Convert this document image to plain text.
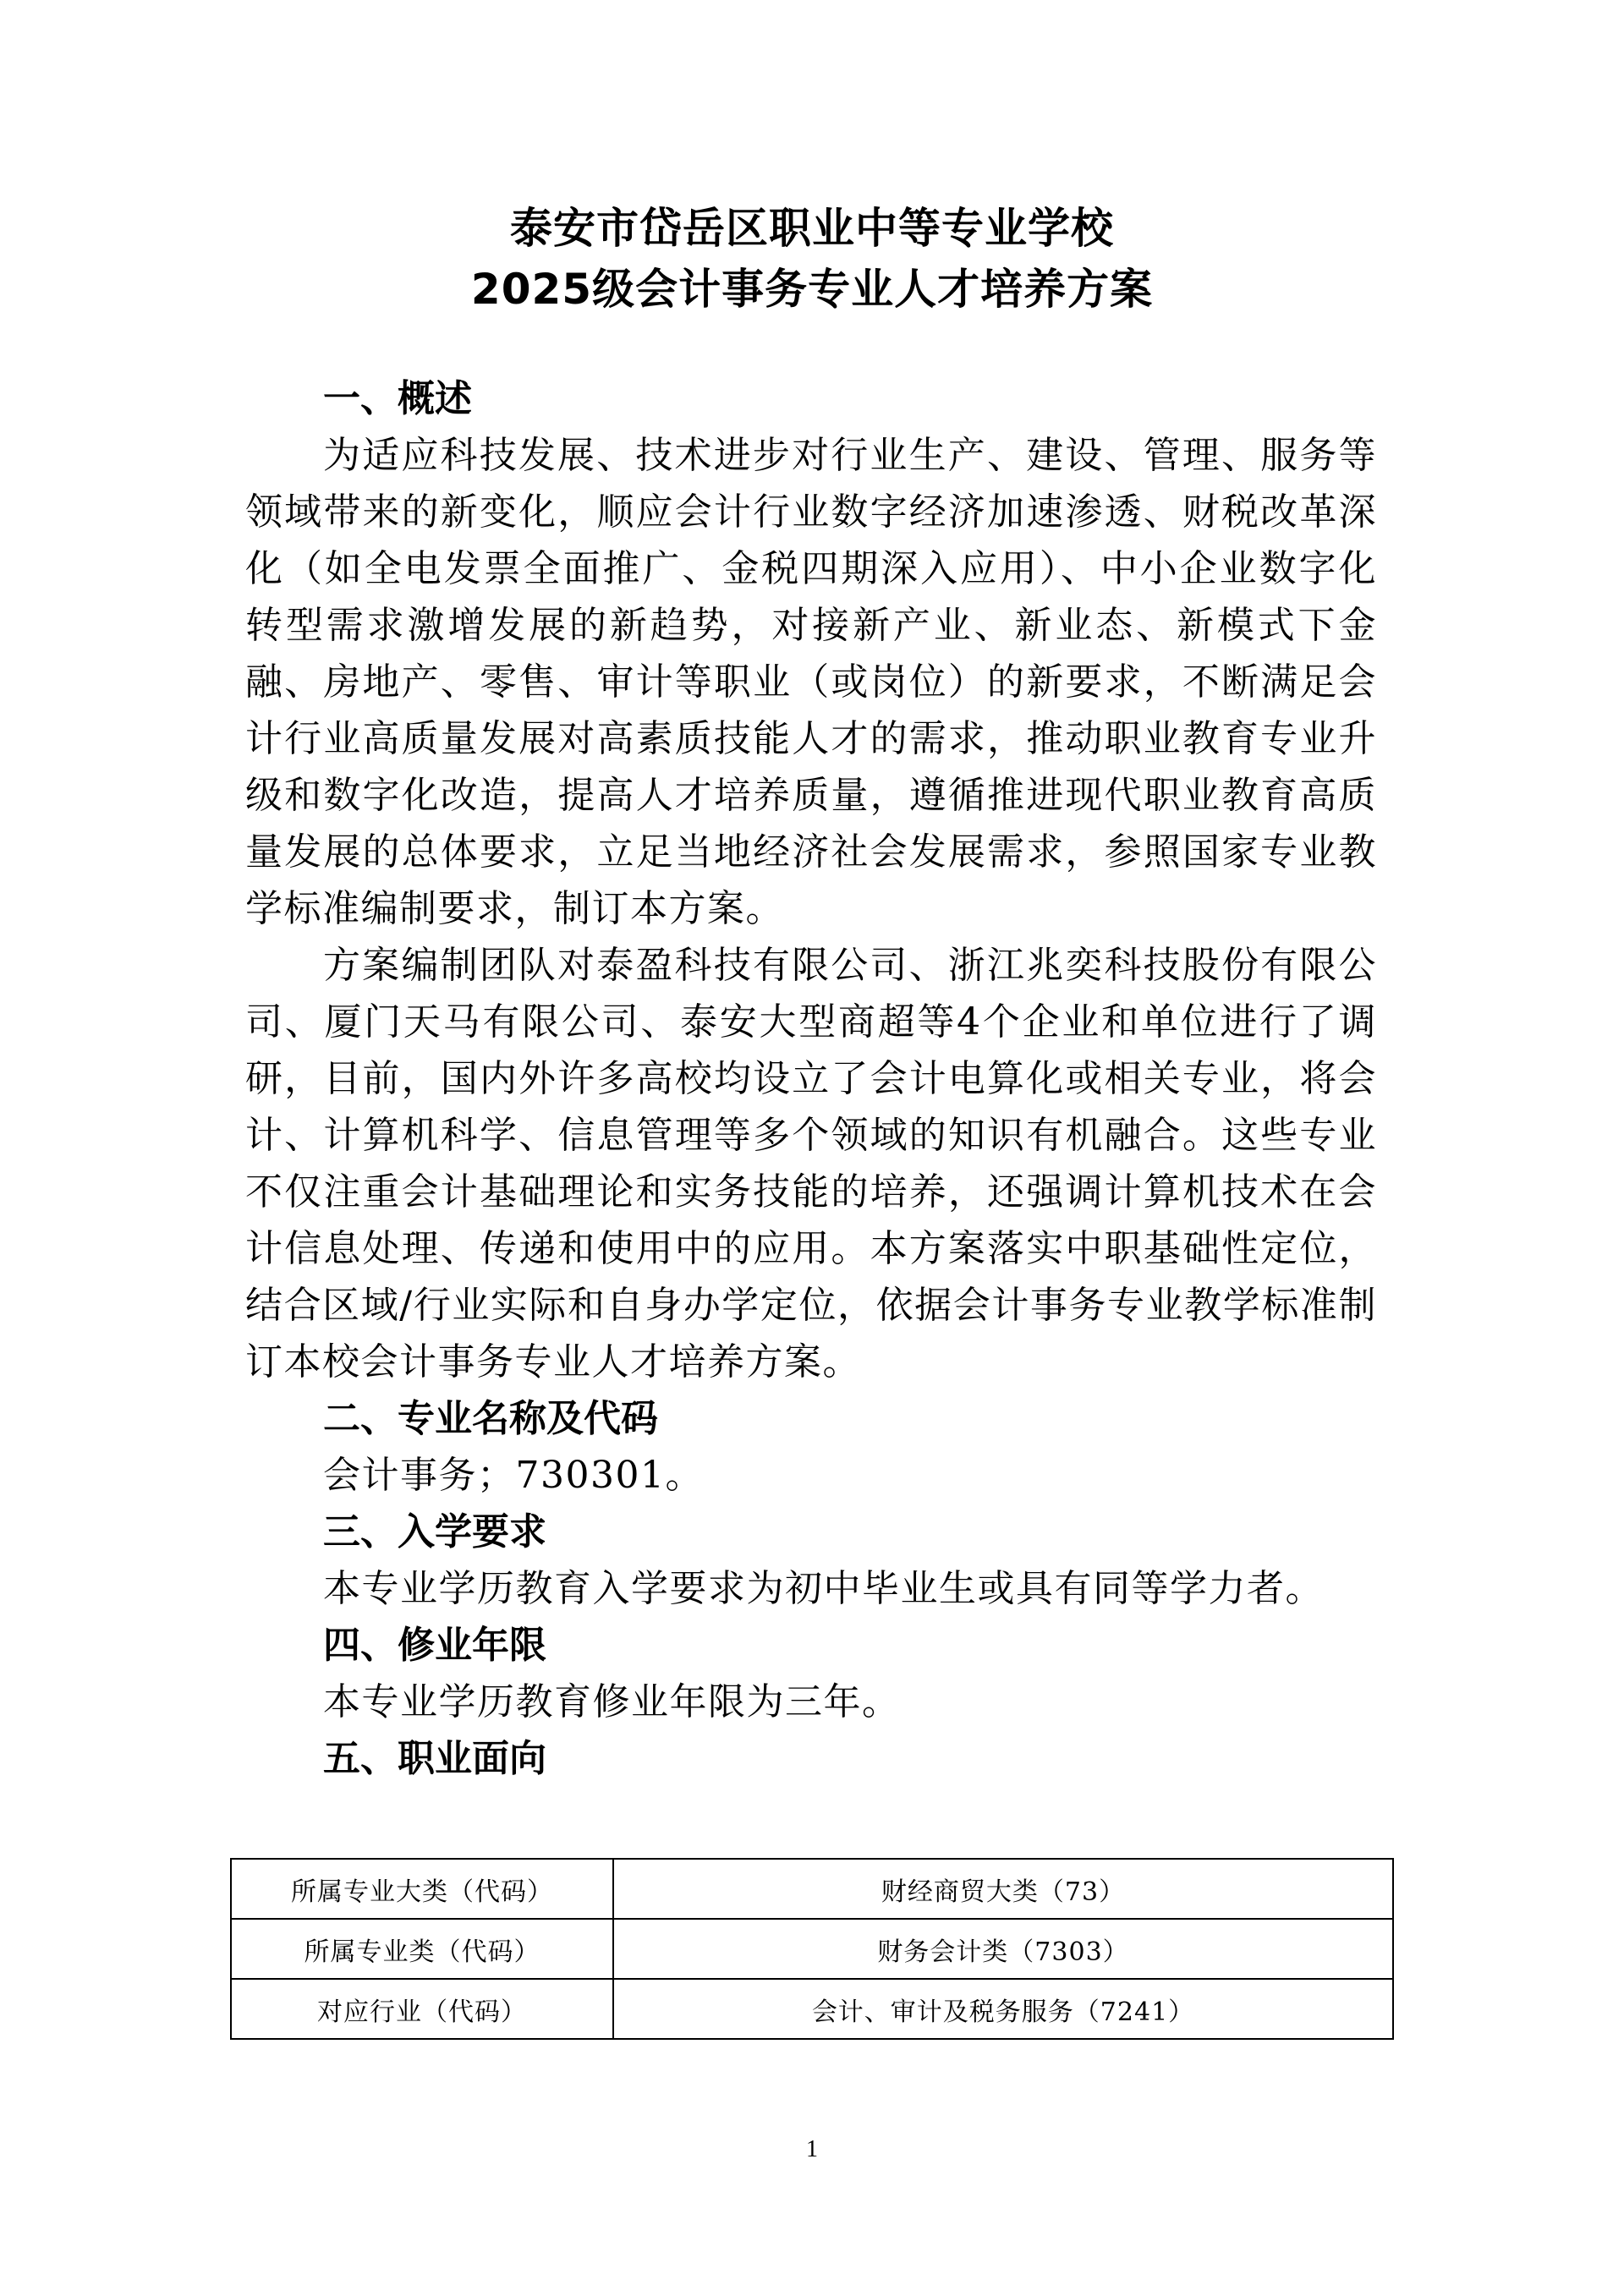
泰安市岱岳区职业中等专业学校
2025级会计事务专业人才培养方案
一、概述

为适应科技发展、技术进步对行业生产、建设、管理、服务等领域带来的新变化，顺应会计行业数字经济加速渗透、财税改革深化（如全电发票全面推广、金税四期深入应用）、中小企业数字化转型需求激增发展的新趋势，对接新产业、新业态、新模式下金融、房地产、零售、审计等职业（或岗位）的新要求，不断满足会计行业高质量发展对高素质技能人才的需求，推动职业教育专业升级和数字化改造，提高人才培养质量，遵循推进现代职业教育高质量发展的总体要求，立足当地经济社会发展需求，参照国家专业教学标准编制要求，制订本方案。

方案编制团队对泰盈科技有限公司、浙江兆奕科技股份有限公司、厦门天马有限公司、泰安大型商超等4个企业和单位进行了调研，目前，国内外许多高校均设立了会计电算化或相关专业，将会计、计算机科学、信息管理等多个领域的知识有机融合。这些专业不仅注重会计基础理论和实务技能的培养，还强调计算机技术在会计信息处理、传递和使用中的应用。本方案落实中职基础性定位，结合区域/行业实际和自身办学定位，依据会计事务专业教学标准制订本校会计事务专业人才培养方案。

二、专业名称及代码
会计事务；730301。
三、入学要求
本专业学历教育入学要求为初中毕业生或具有同等学力者。
四、修业年限
本专业学历教育修业年限为三年。
五、职业面向
所属专业大类（代码）	财经商贸大类（73）
所属专业类（代码）	财务会计类（7303）
对应行业（代码）	会计、审计及税务服务（7241）
1
